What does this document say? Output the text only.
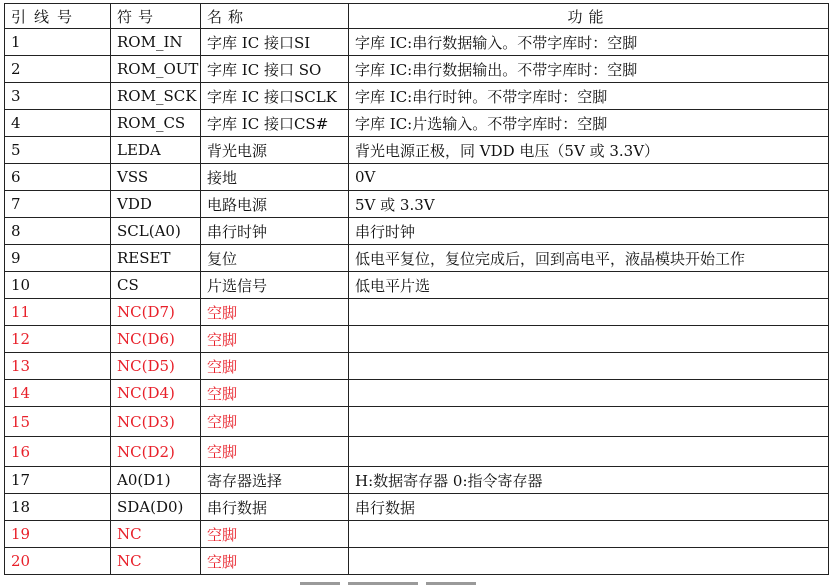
引线号	符号	名称	功能
1	ROM_IN	字库 IC 接口SI	字库 IC:串行数据输入。不带字库时：空脚
2	ROM_OUT	字库 IC 接口 SO	字库 IC:串行数据输出。不带字库时：空脚
3	ROM_SCK	字库 IC 接口SCLK	字库 IC:串行时钟。不带字库时：空脚
4	ROM_CS	字库 IC 接口CS#	字库 IC:片选输入。不带字库时：空脚
5	LEDA	背光电源	背光电源正极，同 VDD 电压（5V 或 3.3V）
6	VSS	接地	0V
7	VDD	电路电源	5V 或 3.3V
8	SCL(A0)	串行时钟	串行时钟
9	RESET	复位	低电平复位，复位完成后，回到高电平，液晶模块开始工作
10	CS	片选信号	低电平片选
11	NC(D7)	空脚	
12	NC(D6)	空脚	
13	NC(D5)	空脚	
14	NC(D4)	空脚	
15	NC(D3)	空脚	
16	NC(D2)	空脚	
17	A0(D1)	寄存器选择	H:数据寄存器 0:指令寄存器
18	SDA(D0)	串行数据	串行数据
19	NC	空脚	
20	NC	空脚	
